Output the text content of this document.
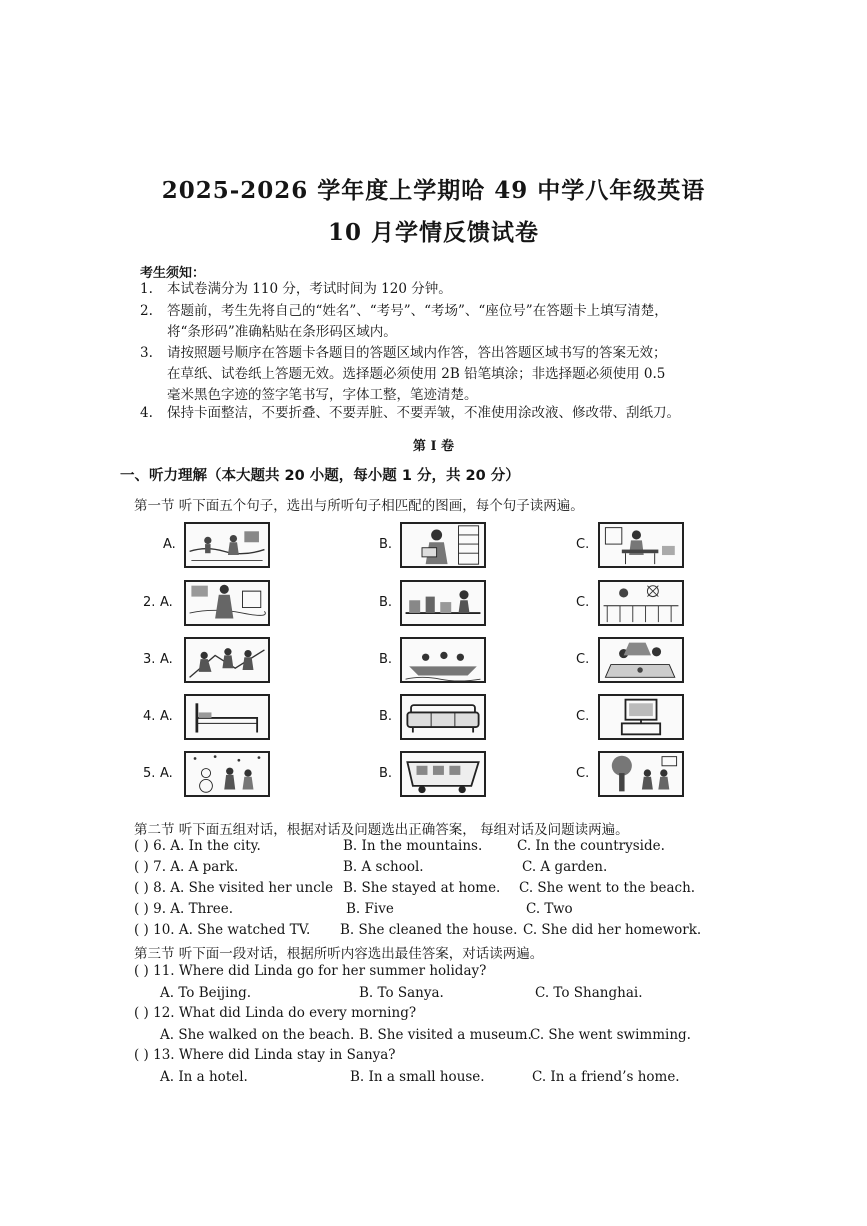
2025-2026 学年度上学期哈 49 中学八年级英语
10 月学情反馈试卷
考生须知：
1. 本试卷满分为 110 分，考试时间为 120 分钟。
2. 答题前，考生先将自己的“姓名”、“考号”、“考场”、“座位号”在答题卡上填写清楚，
将“条形码”准确粘贴在条形码区域内。
3. 请按照题号顺序在答题卡各题目的答题区域内作答，答出答题区域书写的答案无效；
在草纸、试卷纸上答题无效。选择题必须使用 2B 铅笔填涂；非选择题必须使用 0.5
毫米黑色字迹的签字笔书写，字体工整，笔迹清楚。
4. 保持卡面整洁，不要折叠、不要弄脏、不要弄皱，不准使用涂改液、修改带、刮纸刀。
第 I 卷
一、听力理解（本大题共 20 小题，每小题 1 分，共 20 分）
第一节 听下面五个句子，选出与所听句子相匹配的图画，每个句子读两遍。
A.	B.	C.
2. A.	B.	C.
3. A.	B.	C.
4. A.	B.	C.
5. A.	B.	C.
第二节 听下面五组对话，根据对话及问题选出正确答案， 每组对话及问题读两遍。
( ) 6. A. In the city.	B. In the mountains.	C. In the countryside.
( ) 7. A. A park.	B. A school.	C. A garden.
( ) 8. A. She visited her uncle B. She stayed at home. C. She went to the beach.
( ) 9. A. Three.	B. Five	C. Two
( ) 10. A. She watched TV. B. She cleaned the house. C. She did her homework.
第三节 听下面一段对话，根据所听内容选出最佳答案，对话读两遍。
( ) 11. Where did Linda go for her summer holiday?
A. To Beijing.	B. To Sanya.	C. To Shanghai.
( ) 12. What did Linda do every morning?
A. She walked on the beach. B. She visited a museum.
C. She went swimming.
( ) 13. Where did Linda stay in Sanya?
A. In a hotel.	B. In a small house.	C. In a friend’s home.
